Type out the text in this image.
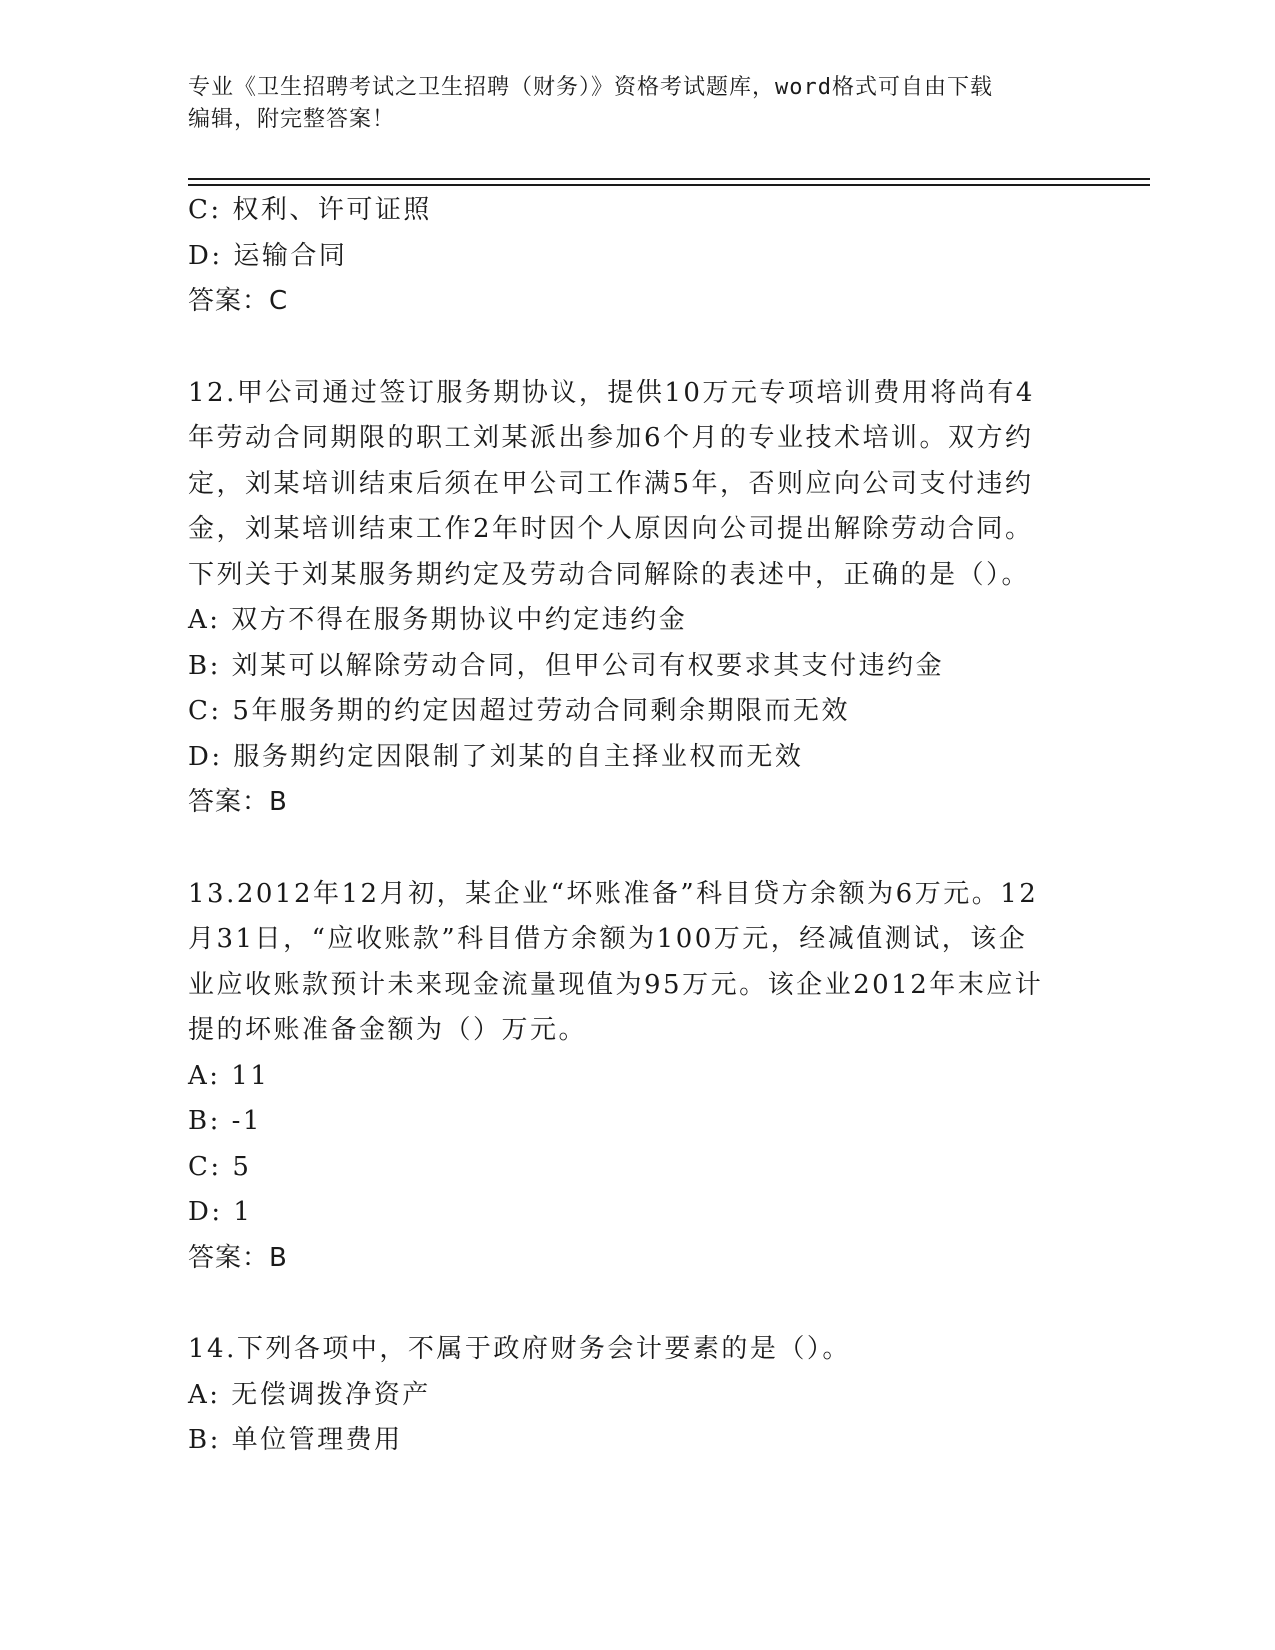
专业《卫生招聘考试之卫生招聘（财务）》资格考试题库，word格式可自由下载
编辑，附完整答案！
C: 权利、许可证照
D: 运输合同
答案：C
12.甲公司通过签订服务期协议，提供10万元专项培训费用将尚有4
年劳动合同期限的职工刘某派出参加6个月的专业技术培训。双方约
定，刘某培训结束后须在甲公司工作满5年，否则应向公司支付违约
金，刘某培训结束工作2年时因个人原因向公司提出解除劳动合同。
下列关于刘某服务期约定及劳动合同解除的表述中，正确的是（）。
A: 双方不得在服务期协议中约定违约金
B: 刘某可以解除劳动合同，但甲公司有权要求其支付违约金
C: 5年服务期的约定因超过劳动合同剩余期限而无效
D: 服务期约定因限制了刘某的自主择业权而无效
答案：B
13.2012年12月初，某企业“坏账准备”科目贷方余额为6万元。12
月31日，“应收账款”科目借方余额为100万元，经减值测试，该企
业应收账款预计未来现金流量现值为95万元。该企业2012年末应计
提的坏账准备金额为（）万元。
A: 11
B: -1
C: 5
D: 1
答案：B
14.下列各项中，不属于政府财务会计要素的是（）。
A: 无偿调拨净资产
B: 单位管理费用
